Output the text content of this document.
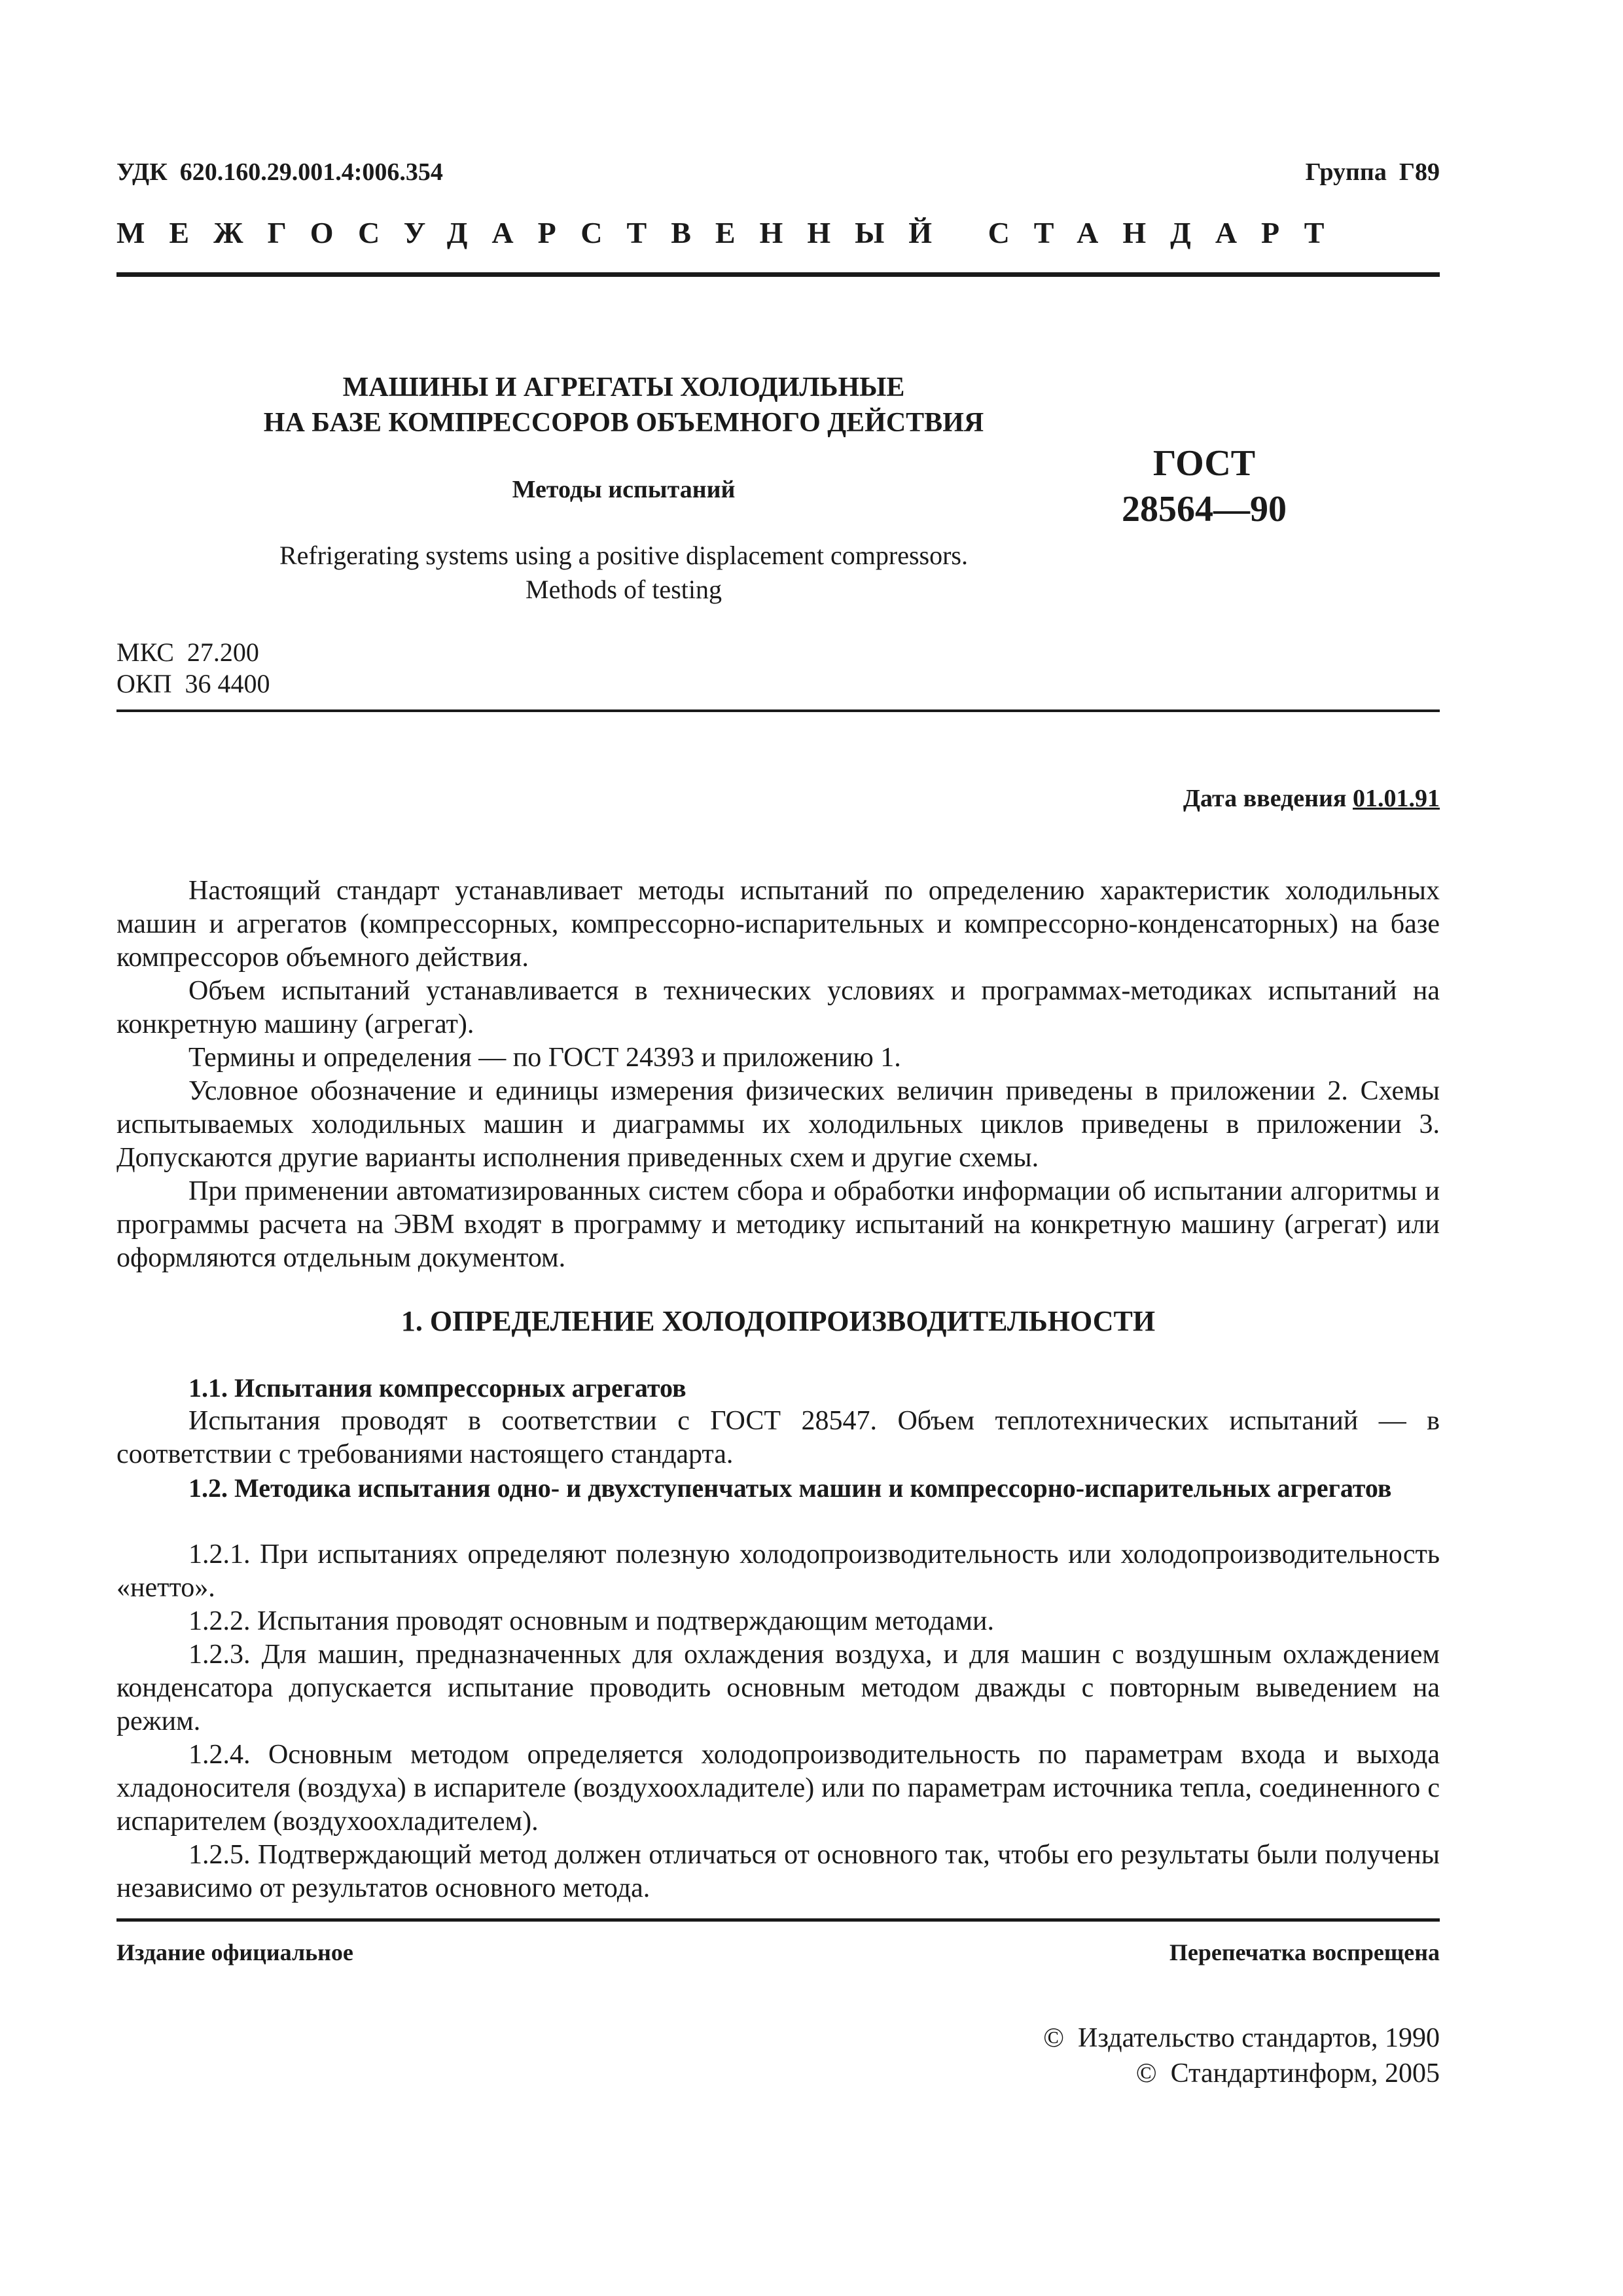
УДК  620.160.29.001.4:006.354	Группа  Г89
МЕЖГОСУДАРСТВЕННЫЙ СТАНДАРТ
МАШИНЫ И АГРЕГАТЫ ХОЛОДИЛЬНЫЕ
НА БАЗЕ КОМПРЕССОРОВ ОБЪЕМНОГО ДЕЙСТВИЯ
Методы испытаний
ГОСТ
28564—90
Refrigerating systems using a positive displacement compressors.
Methods of testing
МКС  27.200
ОКП  36 4400
Дата введения 01.01.91

Настоящий стандарт устанавливает методы испытаний по определению характеристик холодильных машин и агрегатов (компрессорных, компрессорно-испарительных и компрессорно-конденсаторных) на базе компрессоров объемного действия.

Объем испытаний устанавливается в технических условиях и программах-методиках испытаний на конкретную машину (агрегат).

Термины и определения — по ГОСТ 24393 и приложению 1.

Условное обозначение и единицы измерения физических величин приведены в приложении 2. Схемы испытываемых холодильных машин и диаграммы их холодильных циклов приведены в приложении 3. Допускаются другие варианты исполнения приведенных схем и другие схемы.

При применении автоматизированных систем сбора и обработки информации об испытании алгоритмы и программы расчета на ЭВМ входят в программу и методику испытаний на конкретную машину (агрегат) или оформляются отдельным документом.

1. ОПРЕДЕЛЕНИЕ ХОЛОДОПРОИЗВОДИТЕЛЬНОСТИ

1.1. Испытания компрессорных агрегатов

Испытания проводят в соответствии с ГОСТ 28547. Объем теплотехнических испытаний — в соответствии с требованиями настоящего стандарта.

1.2. Методика испытания одно- и двухступенчатых машин и компрессорно-испарительных агрегатов

1.2.1. При испытаниях определяют полезную холодопроизводительность или холодопроизводительность «нетто».

1.2.2. Испытания проводят основным и подтверждающим методами.

1.2.3. Для машин, предназначенных для охлаждения воздуха, и для машин с воздушным охлаждением конденсатора допускается испытание проводить основным методом дважды с повторным выведением на режим.

1.2.4. Основным методом определяется холодопроизводительность по параметрам входа и выхода хладоносителя (воздуха) в испарителе (воздухоохладителе) или по параметрам источника тепла, соединенного с испарителем (воздухоохладителем).

1.2.5. Подтверждающий метод должен отличаться от основного так, чтобы его результаты были получены независимо от результатов основного метода.

Издание официальное	Перепечатка воспрещена
©  Издательство стандартов, 1990
©  Стандартинформ, 2005
